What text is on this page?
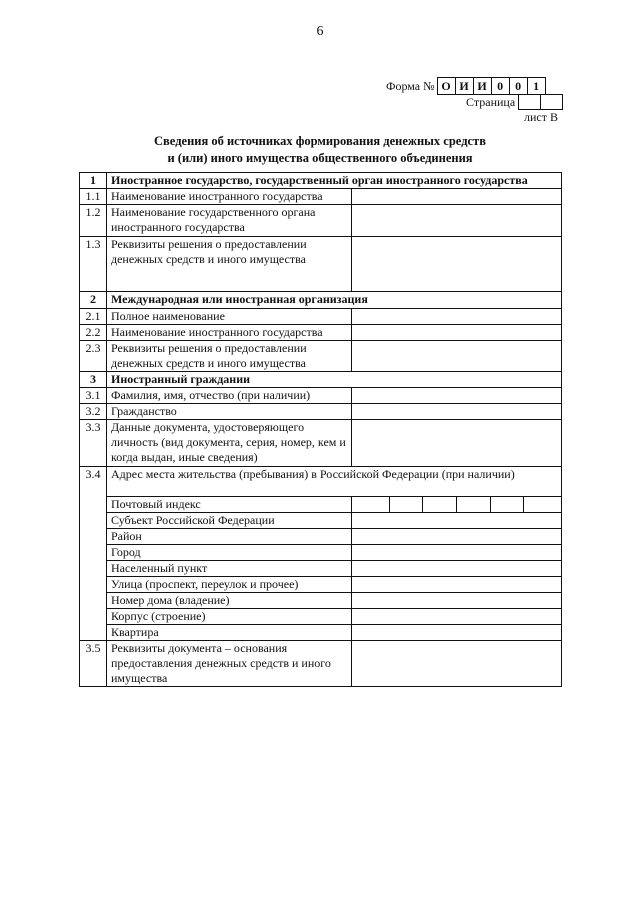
6
Форма № О И И 0	0	1
Страница
лист В
Сведения об источниках формирования денежных средств
и (или) иного имущества общественного объединения
1	Иностранное государство, государственный орган иностранного государства	
1.1	Наименование иностранного государства	
1.2	Наименование государственного органа иностранного государства	
1.3	Реквизиты решения о предоставлении денежных средств и иного имущества	
2	Международная или иностранная организация	
2.1	Полное наименование	
2.2	Наименование иностранного государства	
2.3	Реквизиты решения о предоставлении денежных средств и иного имущества	
3	Иностранный граждании	
3.1	Фамилия, имя, отчество (при наличии)	
3.2	Гражданство	
3.3	Данные документа, удостоверяющего личность (вид документа, серия, номер, кем и когда выдан, иные сведения)	
3.4	Адрес места жительства (пребывания) в Российской Федерации (при наличии)	
	Почтовый индекс	

	Субъект Российской Федерации	
	Район	
	Город	
	Населенный пункт	
	Улица (проспект, переулок и прочее)	
	Номер дома (владение)	
	Корпус (строение)	
	Квартира	
3.5	Реквизиты документа – основания предоставления денежных средств и иного имущества	
